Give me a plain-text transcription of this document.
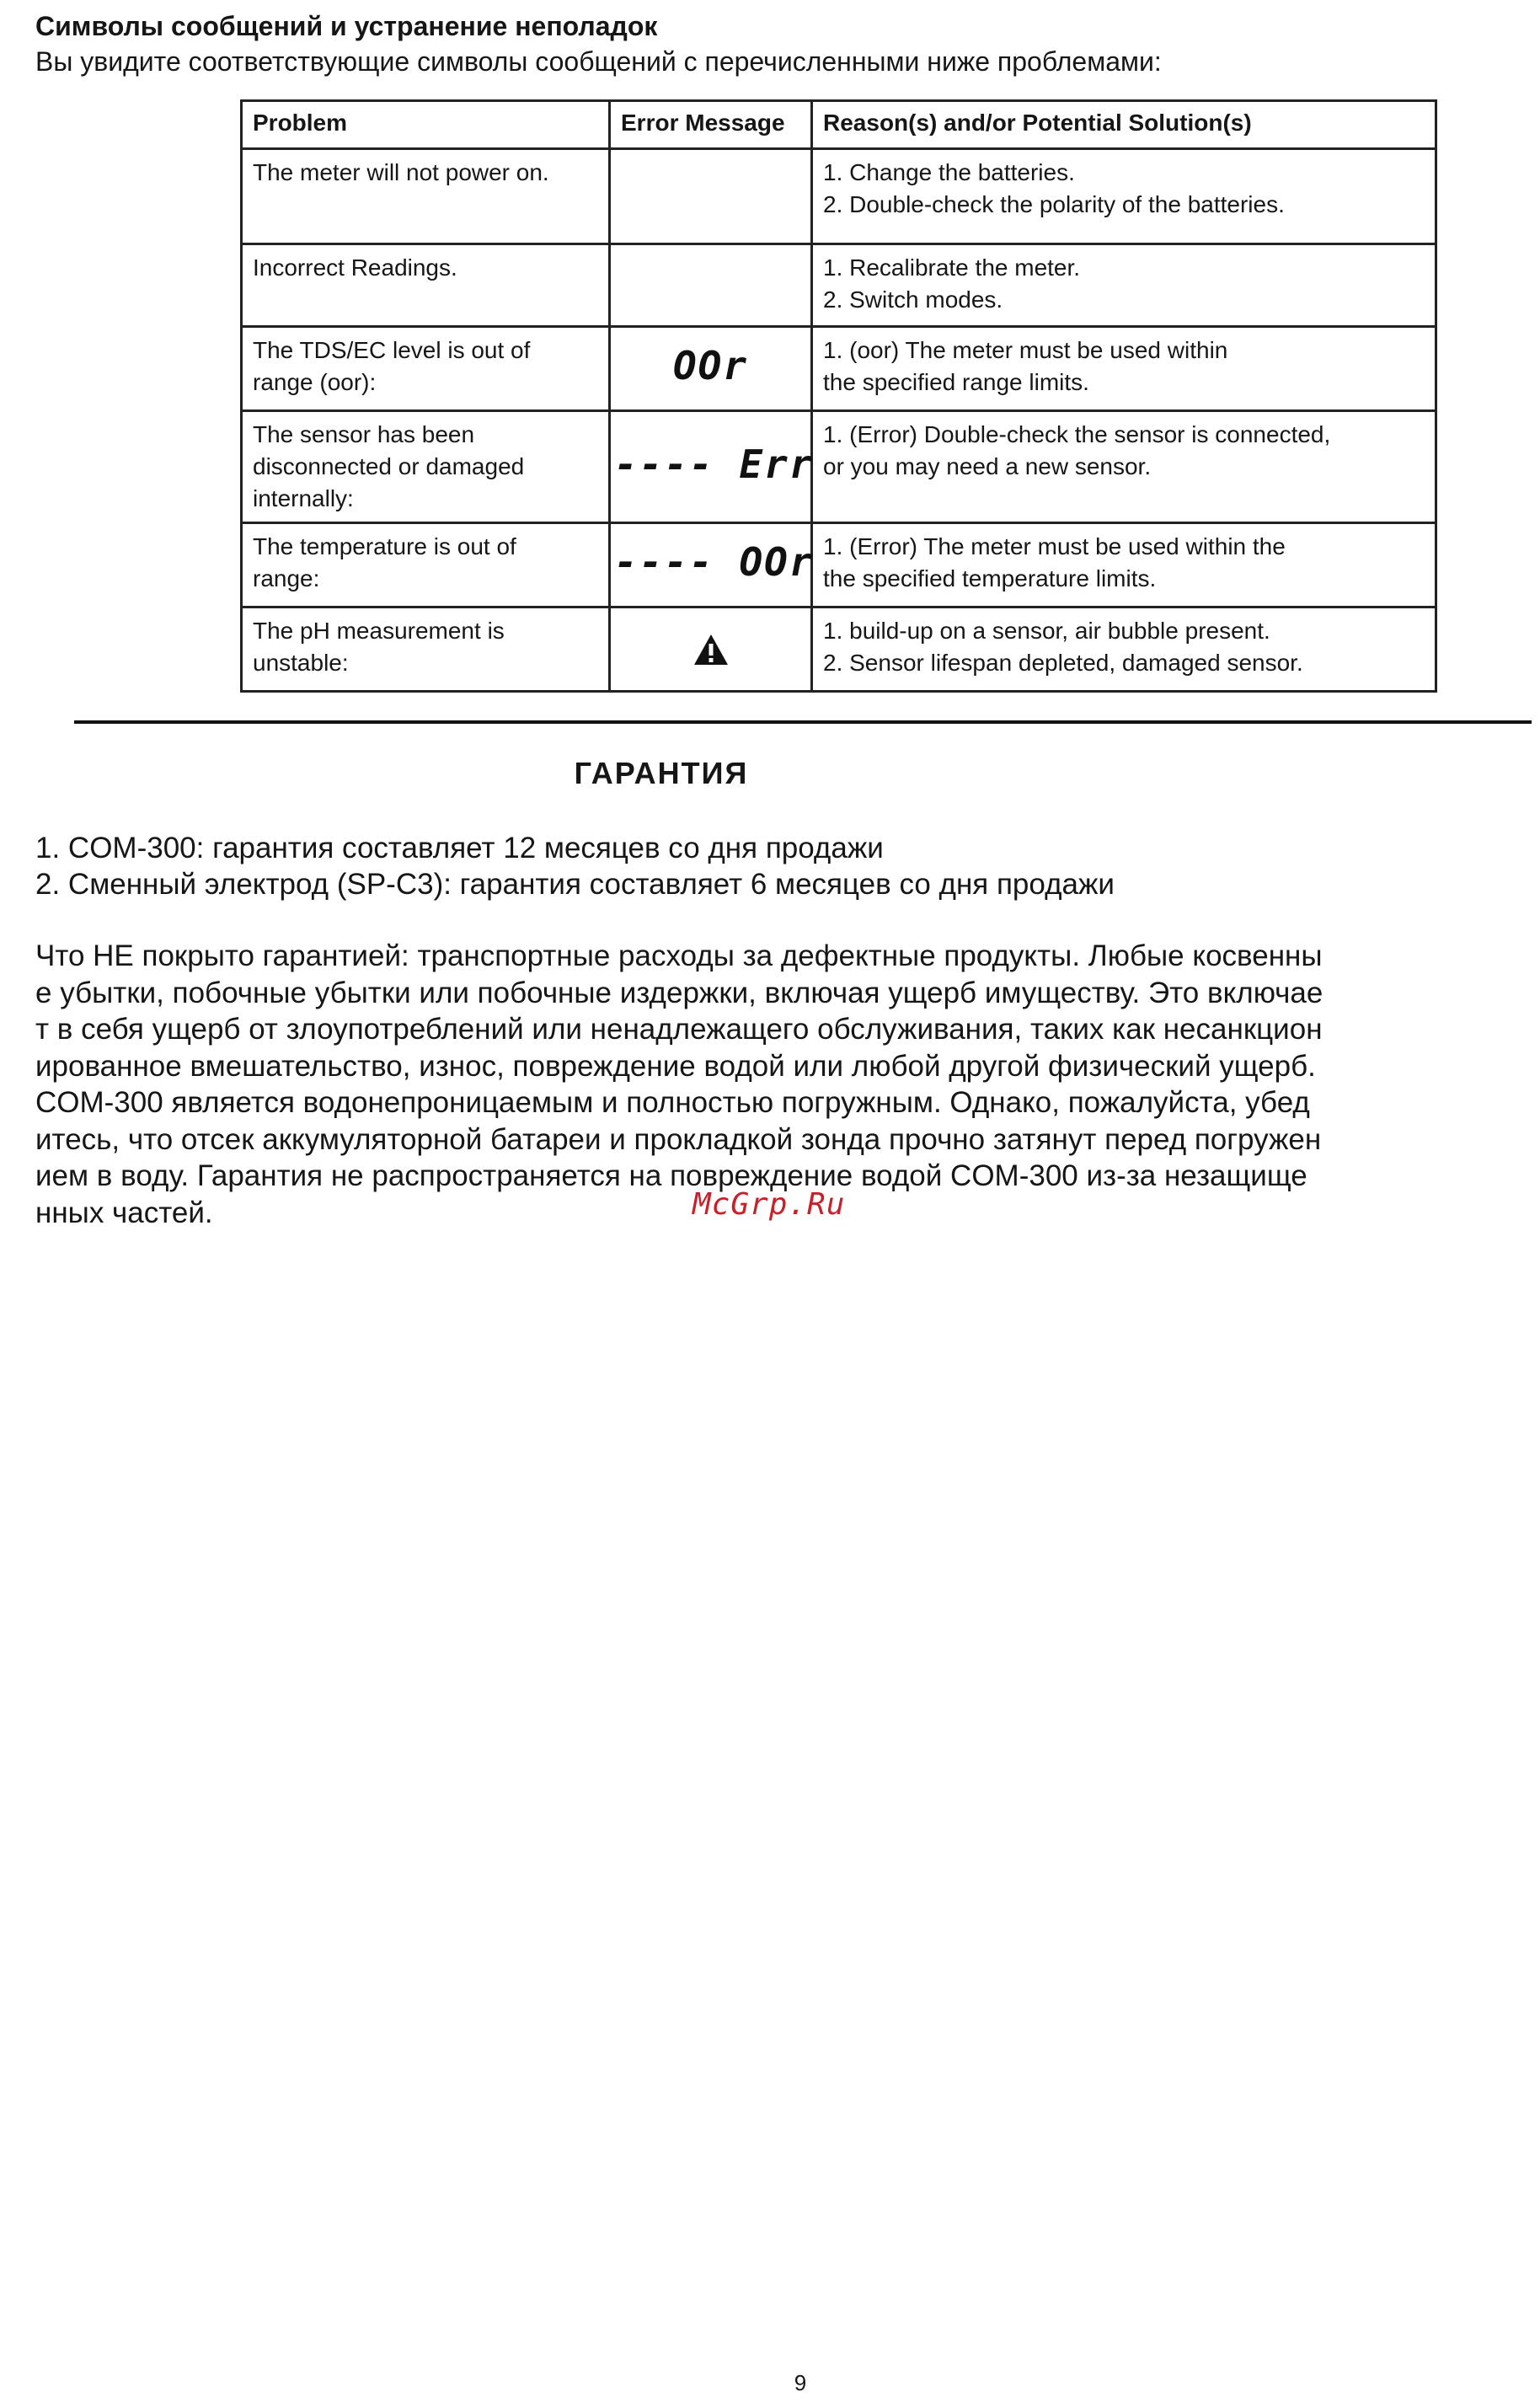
Символы сообщений и устранение неполадок

Вы увидите соответствующие символы сообщений с перечисленными ниже проблемами:

Problem	Error Message	Reason(s) and/or Potential Solution(s)

The meter will not power on.		1. Change the batteries.
2. Double-check the polarity of the batteries.

Incorrect Readings.		1. Recalibrate the meter.
2. Switch modes.

The TDS/EC level is out of
range (oor):	OOr	1. (oor) The meter must be used within
the specified range limits.

The sensor has been
disconnected or damaged
internally:	---- Err	1. (Error) Double-check the sensor is connected,
or you may need a new sensor.

The temperature is out of
range:	---- OOr	1. (Error) The meter must be used within the
the specified temperature limits.

The pH measurement is
unstable:		1. build-up on a sensor, air bubble present.
2. Sensor lifespan depleted, damaged sensor.
ГАРАНТИЯ
1. COM-300: гарантия составляет 12 месяцев со дня продажи
2. Сменный электрод (SP-C3): гарантия составляет 6 месяцев со дня продажи

Что НЕ покрыто гарантией: транспортные расходы за дефектные продукты. Любые косвенны
е убытки, побочные убытки или побочные издержки, включая ущерб имуществу. Это включае
т в себя ущерб от злоупотреблений или ненадлежащего обслуживания, таких как несанкцион
ированное вмешательство, износ, повреждение водой или любой другой физический ущерб.
COM-300 является водонепроницаемым и полностью погружным. Однако, пожалуйста, убед
итесь, что отсек аккумуляторной батареи и прокладкой зонда прочно затянут перед погружен
ием в воду. Гарантия не распространяется на повреждение водой COM-300 из-за незащище
нных частей.	McGrp.Ru
9
